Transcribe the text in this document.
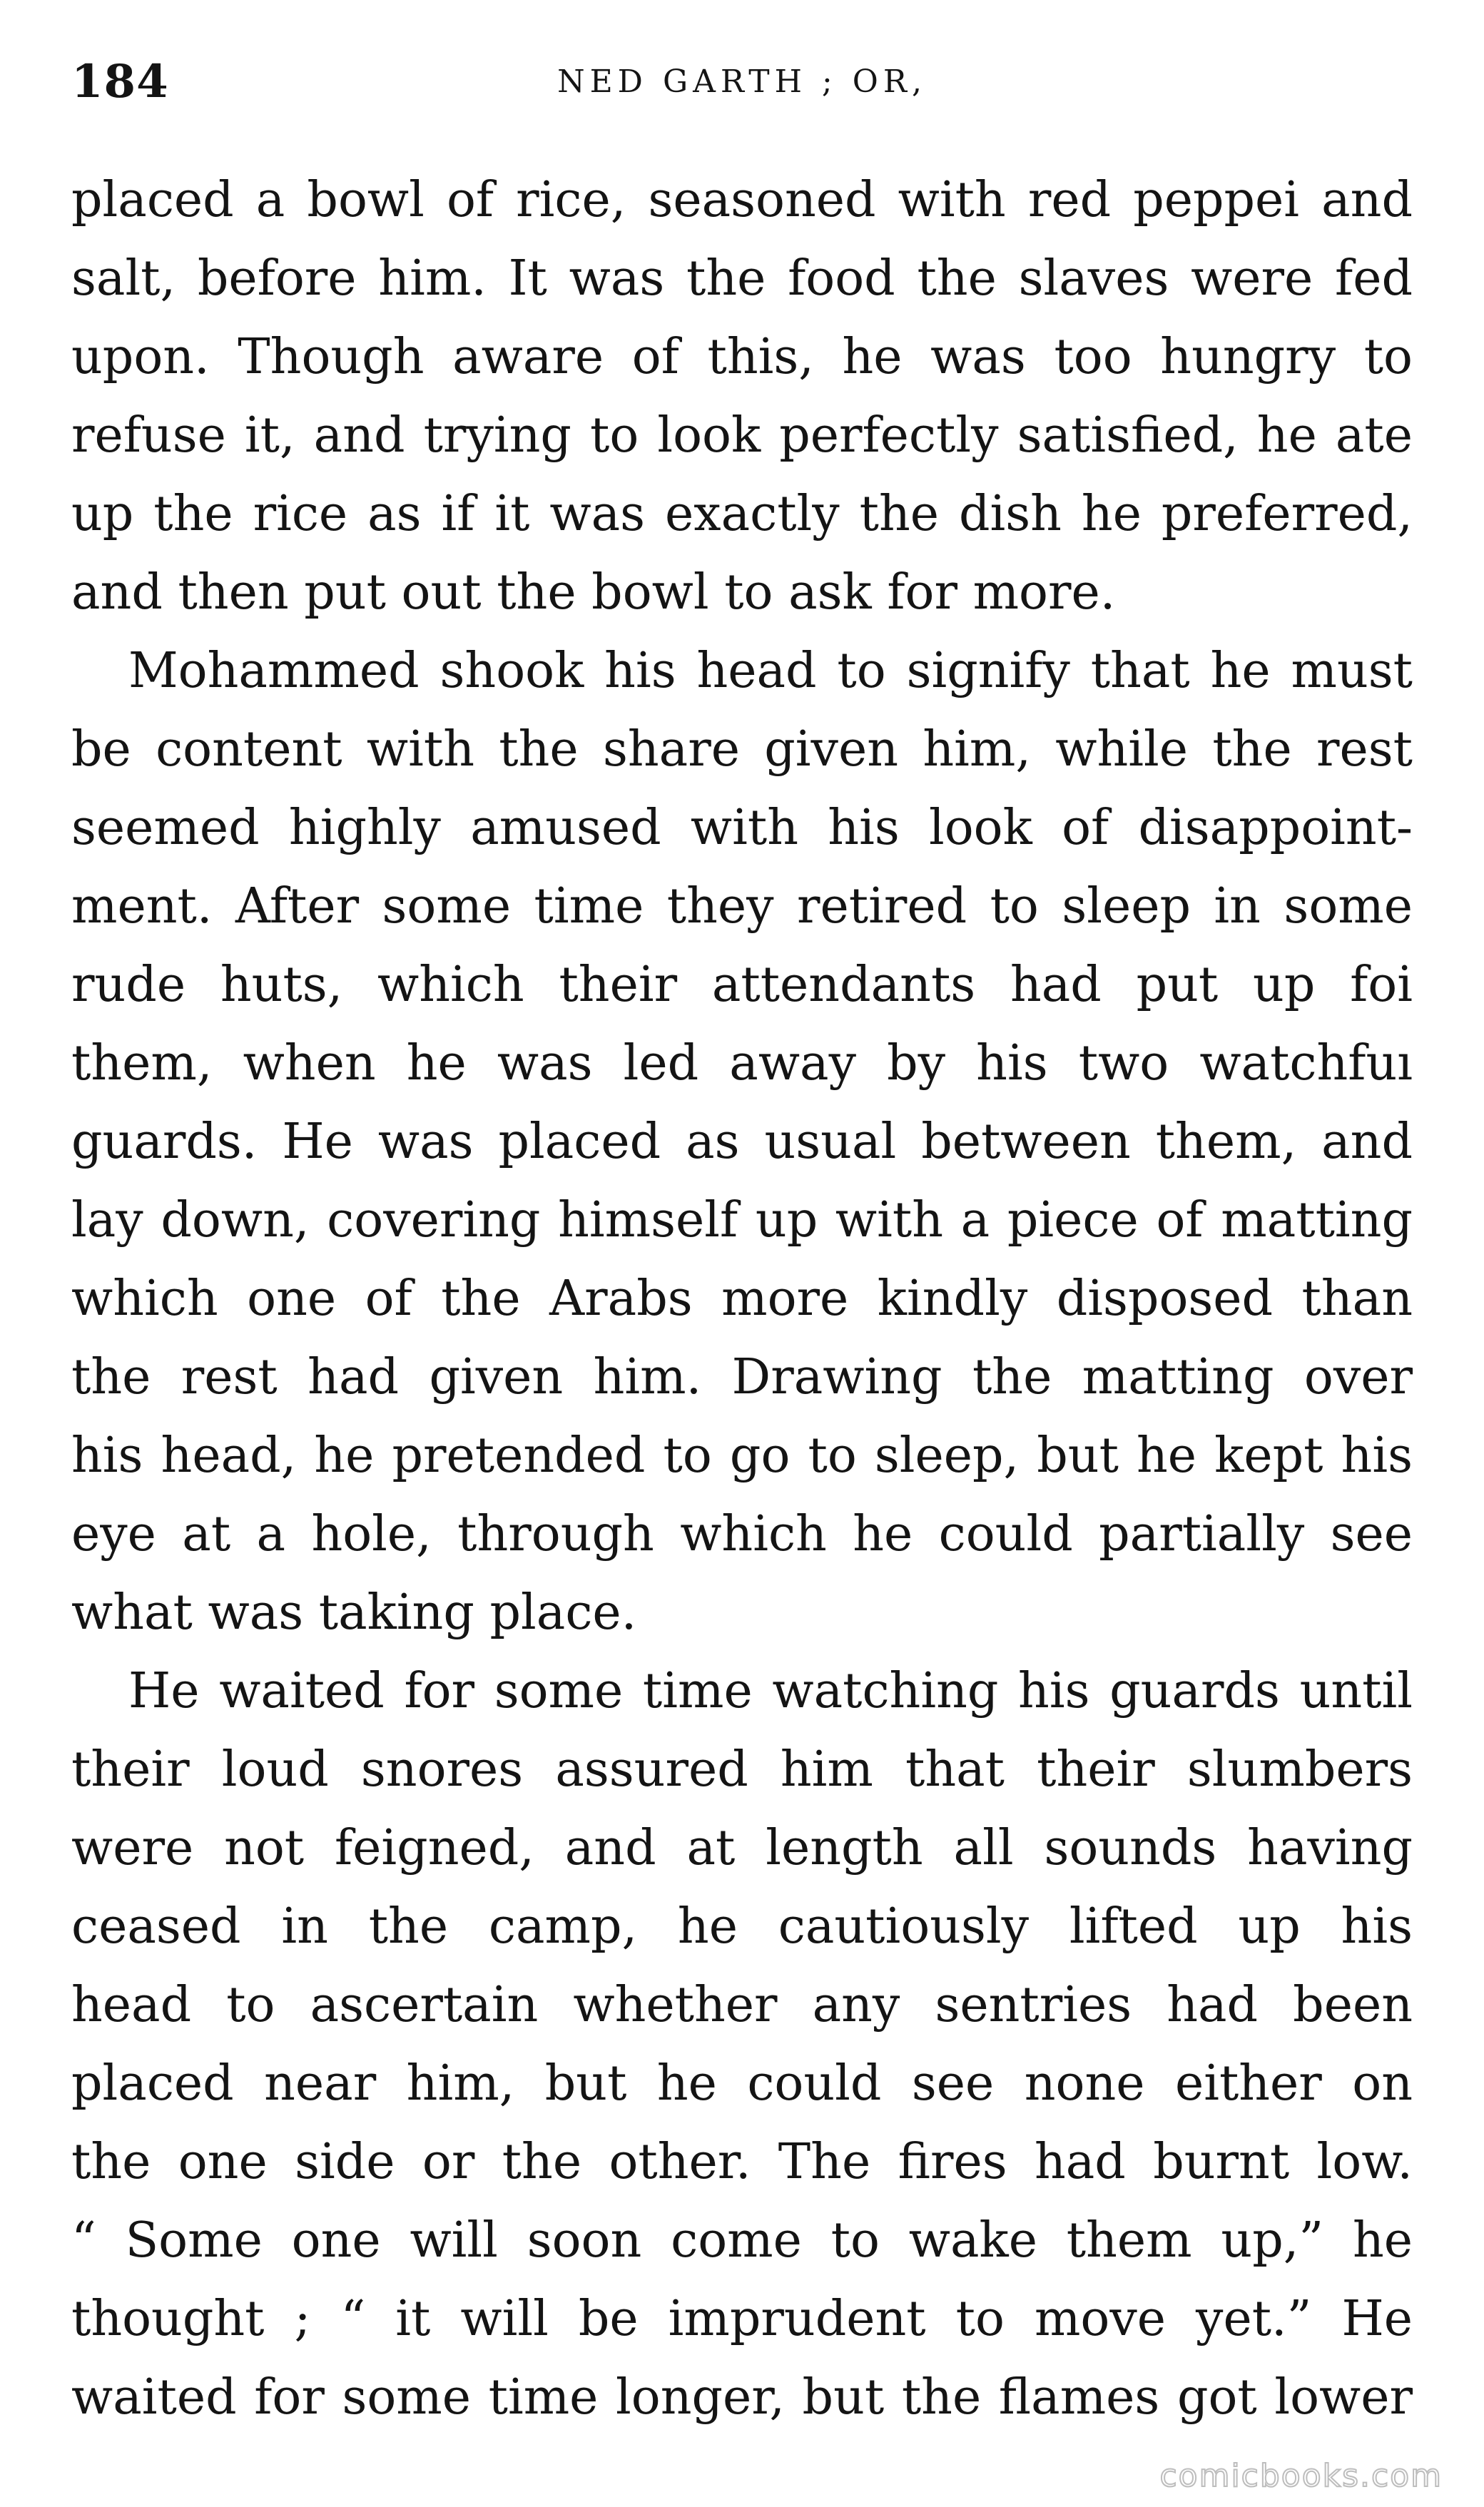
184	NED GARTH ; OR,
placed a bowl of rice, seasoned with red peppei and
salt, before him. It was the food the slaves were fed
upon. Though aware of this, he was too hungry to
refuse it, and trying to look perfectly satisfied, he ate
up the rice as if it was exactly the dish he preferred,
and then put out the bowl to ask for more.
Mohammed shook his head to signify that he must
be content with the share given him, while the rest
seemed highly amused with his look of disappoint-
ment. After some time they retired to sleep in some
rude huts, which their attendants had put up foi
them, when he was led away by his two watchfuı
guards. He was placed as usual between them, and
lay down, covering himself up with a piece of matting
which one of the Arabs more kindly disposed than
the rest had given him. Drawing the matting over
his head, he pretended to go to sleep, but he kept his
eye at a hole, through which he could partially see
what was taking place.
He waited for some time watching his guards until
their loud snores assured him that their slumbers
were not feigned, and at length all sounds having
ceased in the camp, he cautiously lifted up his
head to ascertain whether any sentries had been
placed near him, but he could see none either on
the one side or the other. The fires had burnt low.
“ Some one will soon come to wake them up,” he
thought ; “ it will be imprudent to move yet.” He
waited for some time longer, but the flames got lower
comicbooks.com
